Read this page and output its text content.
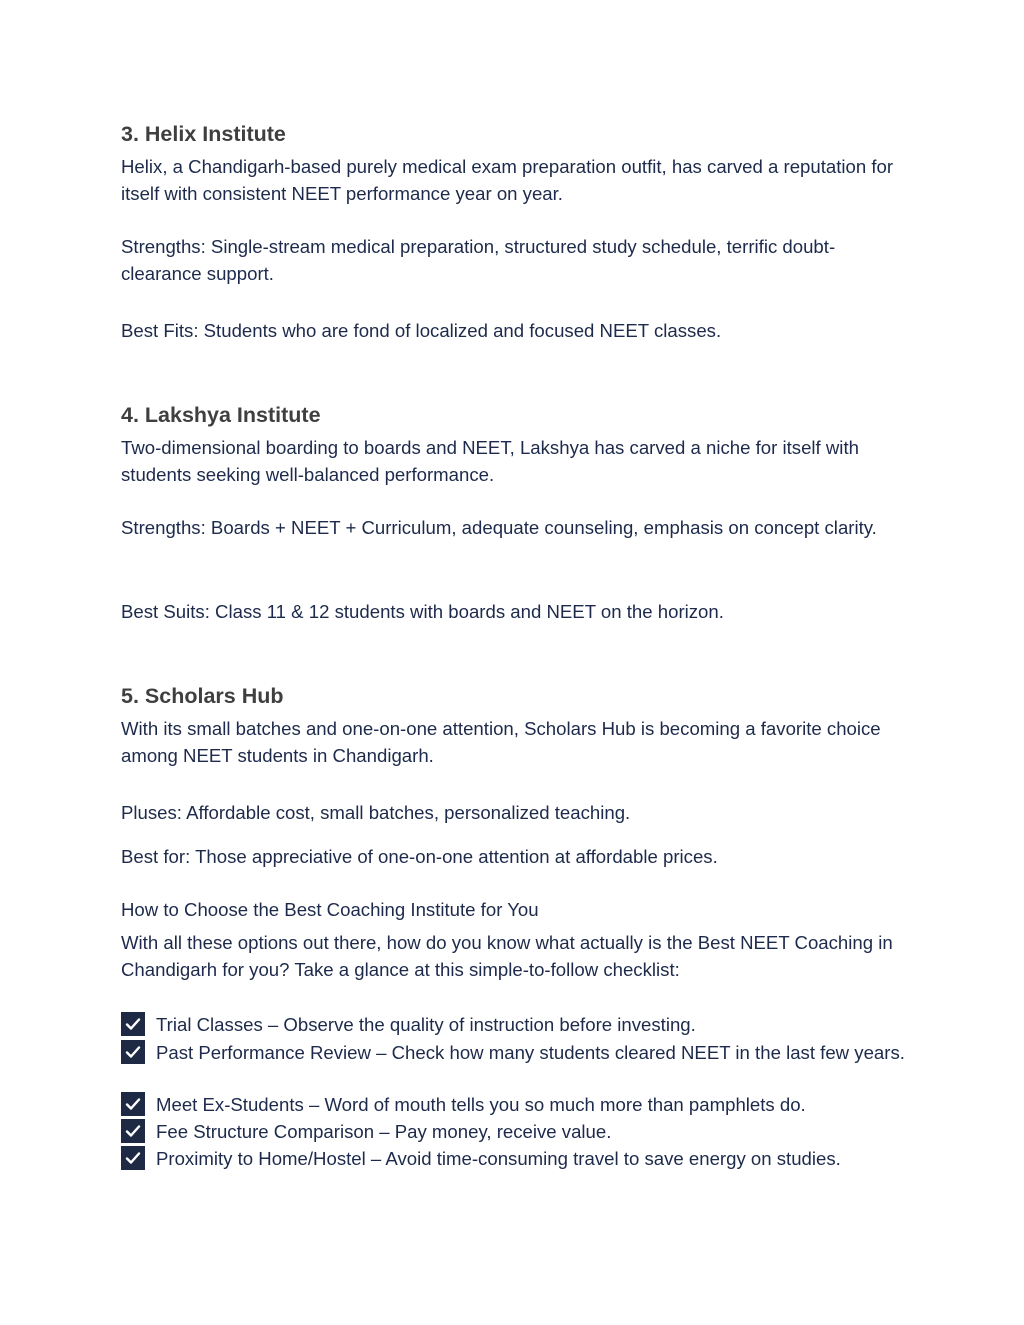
3. Helix Institute

Helix, a Chandigarh-based purely medical exam preparation outfit, has carved a reputation for itself with consistent NEET performance year on year.

Strengths: Single-stream medical preparation, structured study schedule, terrific doubt-clearance support.

Best Fits: Students who are fond of localized and focused NEET classes.

4. Lakshya Institute

Two-dimensional boarding to boards and NEET, Lakshya has carved a niche for itself with students seeking well-balanced performance.

Strengths: Boards + NEET + Curriculum, adequate counseling, emphasis on concept clarity.

Best Suits: Class 11 & 12 students with boards and NEET on the horizon.

5. Scholars Hub

With its small batches and one-on-one attention, Scholars Hub is becoming a favorite choice among NEET students in Chandigarh.

Pluses: Affordable cost, small batches, personalized teaching.

Best for: Those appreciative of one-on-one attention at affordable prices.

How to Choose the Best Coaching Institute for You

With all these options out there, how do you know what actually is the Best NEET Coaching in Chandigarh for you? Take a glance at this simple-to-follow checklist:

Trial Classes – Observe the quality of instruction before investing.
Past Performance Review – Check how many students cleared NEET in the last few years.
Meet Ex-Students – Word of mouth tells you so much more than pamphlets do.
Fee Structure Comparison – Pay money, receive value.
Proximity to Home/Hostel – Avoid time-consuming travel to save energy on studies.
